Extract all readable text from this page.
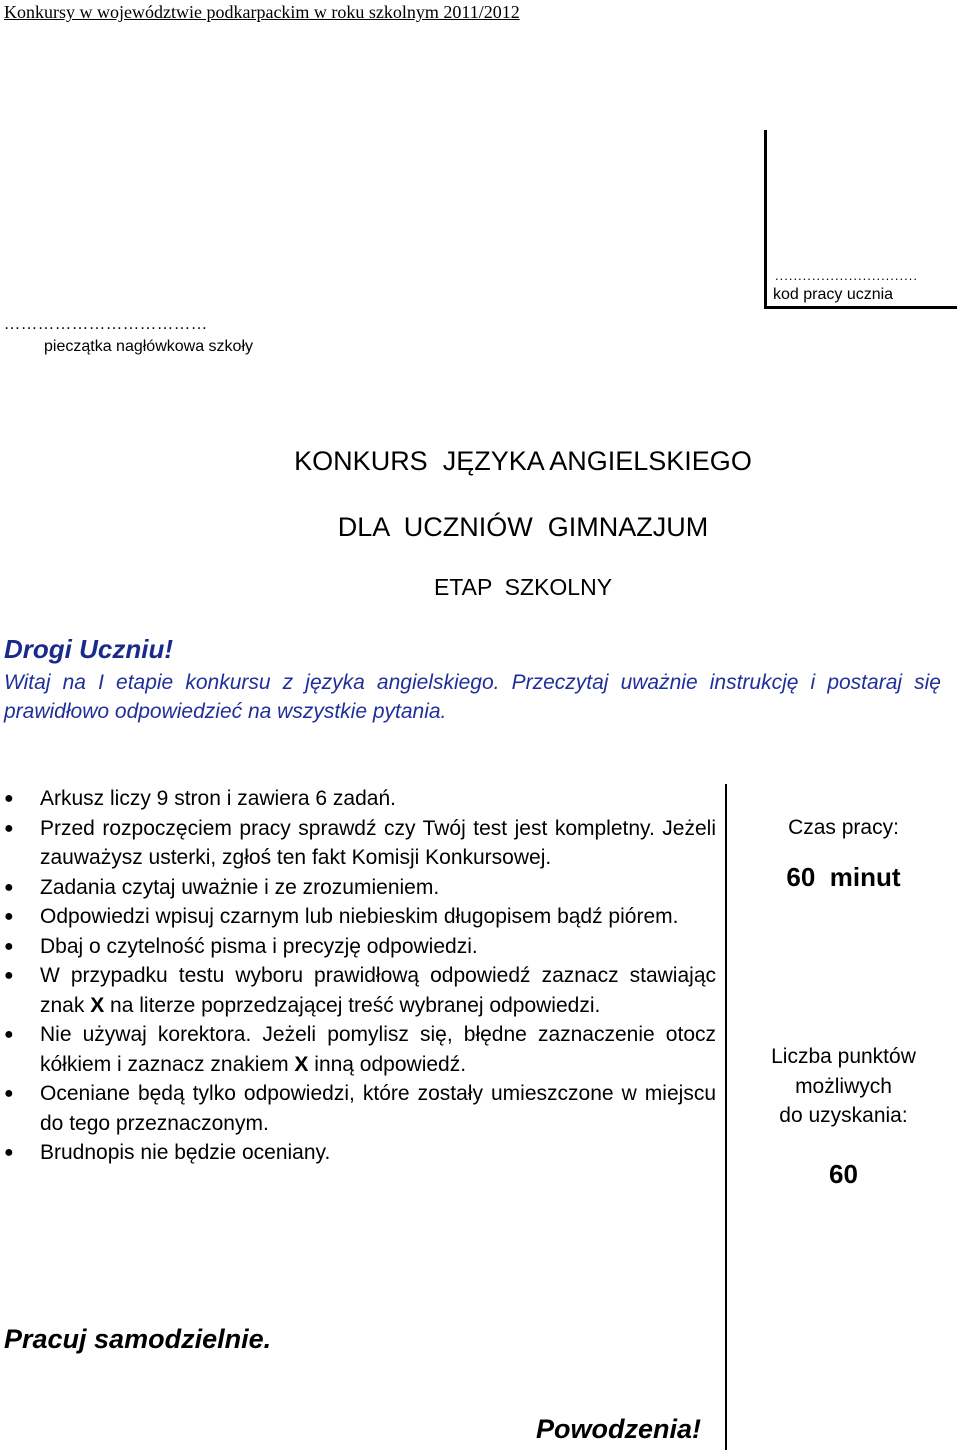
Konkursy w województwie podkarpackim w roku szkolnym 2011/2012
………………………………
pieczątka nagłówkowa szkoły
...............................
kod pracy ucznia
KONKURS  JĘZYKA ANGIELSKIEGO
DLA  UCZNIÓW  GIMNAZJUM
ETAP  SZKOLNY
Drogi Uczniu!
Witaj na I etapie konkursu z języka angielskiego. Przeczytaj uważnie instrukcję i postaraj się prawidłowo odpowiedzieć na wszystkie pytania.
● Arkusz liczy 9 stron i zawiera 6 zadań.
● Przed rozpoczęciem pracy sprawdź czy Twój test jest kompletny. Jeżeli zauważysz usterki, zgłoś ten fakt Komisji Konkursowej.
● Zadania czytaj uważnie i ze zrozumieniem.
● Odpowiedzi wpisuj czarnym lub niebieskim długopisem bądź piórem.
● Dbaj o czytelność pisma i precyzję odpowiedzi.
● W przypadku testu wyboru prawidłową odpowiedź zaznacz stawiając znak X na literze poprzedzającej treść wybranej odpowiedzi.
● Nie używaj korektora. Jeżeli pomylisz się, błędne zaznaczenie otocz kółkiem i zaznacz znakiem X inną odpowiedź.
● Oceniane będą tylko odpowiedzi, które zostały umieszczone w miejscu do tego przeznaczonym.
● Brudnopis nie będzie oceniany.
Czas pracy:
60  minut
Liczba punktów
możliwych
do uzyskania:
60
Pracuj samodzielnie.
Powodzenia!
